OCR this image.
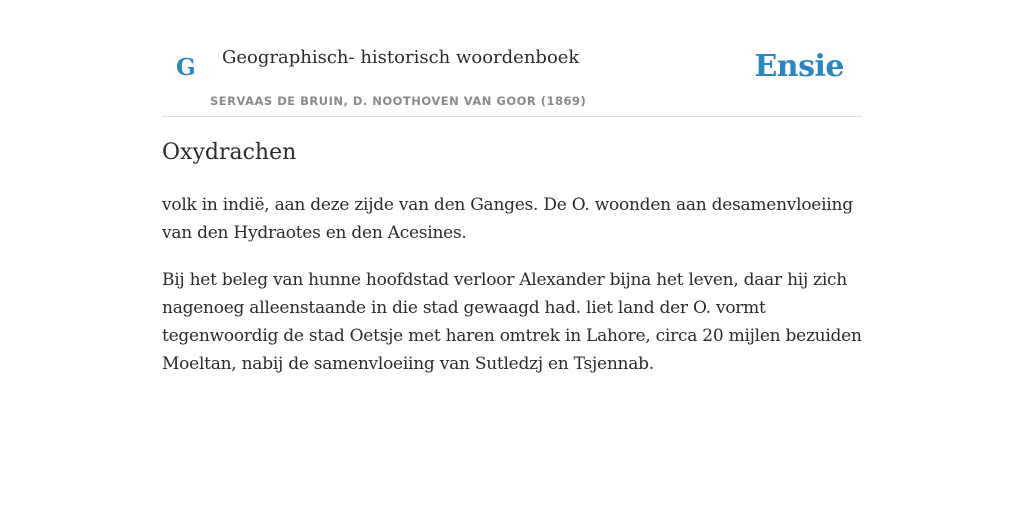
G Geographisch- historisch woordenboek
SERVAAS DE BRUIN, D. NOOTHOVEN VAN GOOR (1869)
Ensie
Oxydrachen

volk in indië, aan deze zijde van den Ganges. De O. woonden aan desamenvloeiing van den Hydraotes en den Acesines.

Bij het beleg van hunne hoofdstad verloor Alexander bijna het leven, daar hij zich nagenoeg alleenstaande in die stad gewaagd had. liet land der O. vormt tegenwoordig de stad Oetsje met haren omtrek in Lahore, circa 20 mijlen bezuiden Moeltan, nabij de samenvloeiing van Sutledzj en Tsjennab.
